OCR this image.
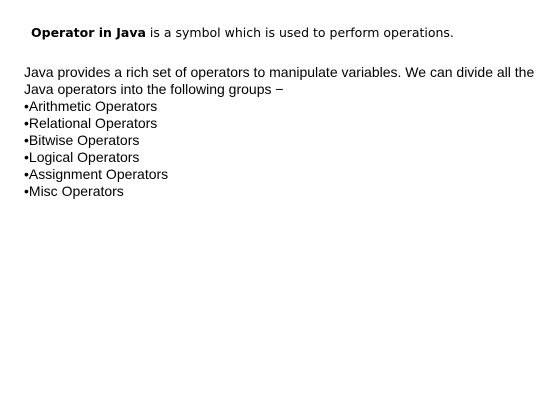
Operator in Java is a symbol which is used to perform operations.

Java provides a rich set of operators to manipulate variables. We can divide all the Java operators into the following groups −

•Arithmetic Operators
•Relational Operators
•Bitwise Operators
•Logical Operators
•Assignment Operators
•Misc Operators
